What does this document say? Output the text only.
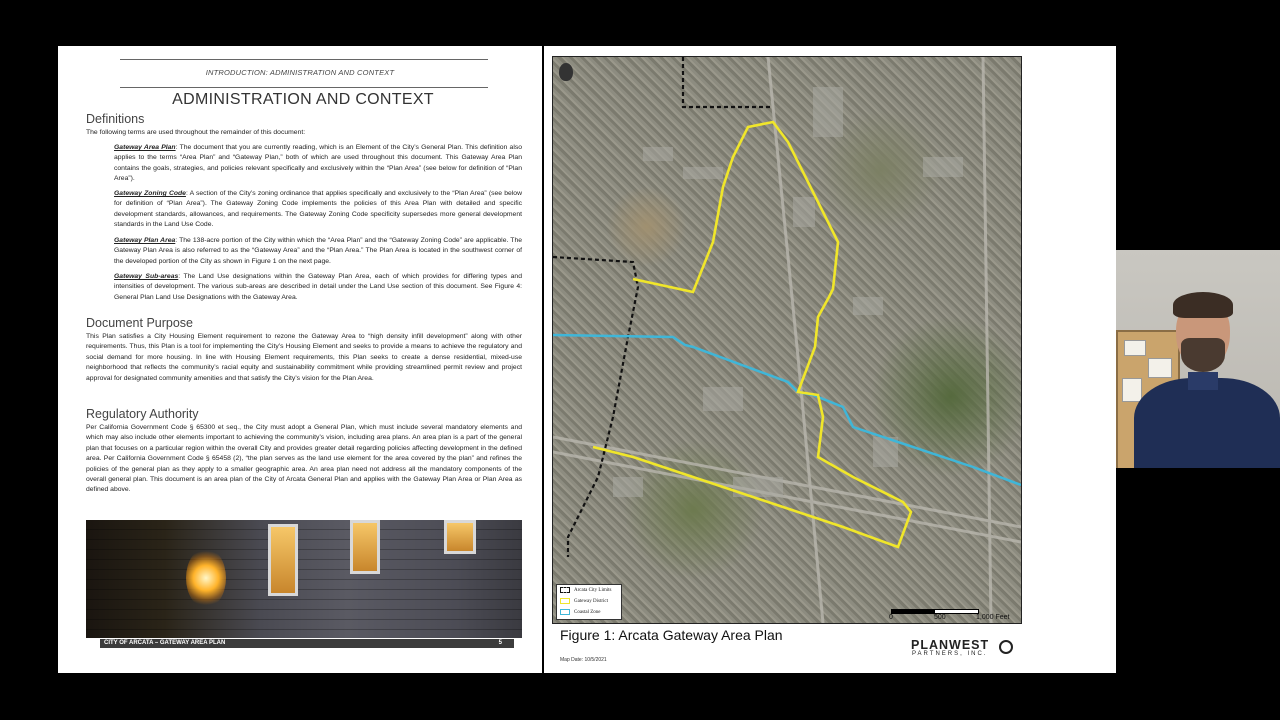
INTRODUCTION: ADMINISTRATION AND CONTEXT
ADMINISTRATION AND CONTEXT
Definitions
The following terms are used throughout the remainder of this document:
Gateway Area Plan: The document that you are currently reading, which is an Element of the City’s General Plan. This definition also applies to the terms “Area Plan” and “Gateway Plan,” both of which are used throughout this document. This Gateway Area Plan contains the goals, strategies, and policies relevant specifically and exclusively within the “Plan Area” (see below for definition of “Plan Area”).
Gateway Zoning Code: A section of the City’s zoning ordinance that applies specifically and exclusively to the “Plan Area” (see below for definition of “Plan Area”). The Gateway Zoning Code implements the policies of this Area Plan with detailed and specific development standards, allowances, and requirements. The Gateway Zoning Code specificity supersedes more general development standards in the Land Use Code.
Gateway Plan Area: The 138-acre portion of the City within which the “Area Plan” and the “Gateway Zoning Code” are applicable. The Gateway Plan Area is also referred to as the “Gateway Area” and the “Plan Area.” The Plan Area is located in the southwest corner of the developed portion of the City as shown in Figure 1 on the next page.
Gateway Sub-areas: The Land Use designations within the Gateway Plan Area, each of which provides for differing types and intensities of development. The various sub-areas are described in detail under the Land Use section of this document. See Figure 4: General Plan Land Use Designations with the Gateway Area.
Document Purpose
This Plan satisfies a City Housing Element requirement to rezone the Gateway Area to “high density infill development” along with other requirements. Thus, this Plan is a tool for implementing the City’s Housing Element and seeks to provide a means to achieve the regulatory and social demand for more housing. In line with Housing Element requirements, this Plan seeks to create a dense residential, mixed-use neighborhood that reflects the community’s racial equity and sustainability commitment while providing streamlined permit review and project approval for designated community amenities and that satisfy the City’s vision for the Plan Area.
Regulatory Authority
Per California Government Code § 65300 et seq., the City must adopt a General Plan, which must include several mandatory elements and which may also include other elements important to achieving the community’s vision, including area plans. An area plan is a part of the general plan that focuses on a particular region within the overall City and provides greater detail regarding policies affecting development in the defined area. Per California Government Code § 65458 (2), “the plan serves as the land use element for the area covered by the plan” and refines the policies of the general plan as they apply to a smaller geographic area. An area plan need not address all the mandatory components of the overall general plan. This document is an area plan of the City of Arcata General Plan and applies with the Gateway Plan Area or Plan Area as defined above.
CITY OF ARCATA – GATEWAY AREA PLAN	5
Arcata City Limits
Gateway District
Coastal Zone
0	500	1,000 Feet
Figure 1: Arcata Gateway Area Plan
Map Date: 10/5/2021
PLANWEST
PARTNERS, INC.
